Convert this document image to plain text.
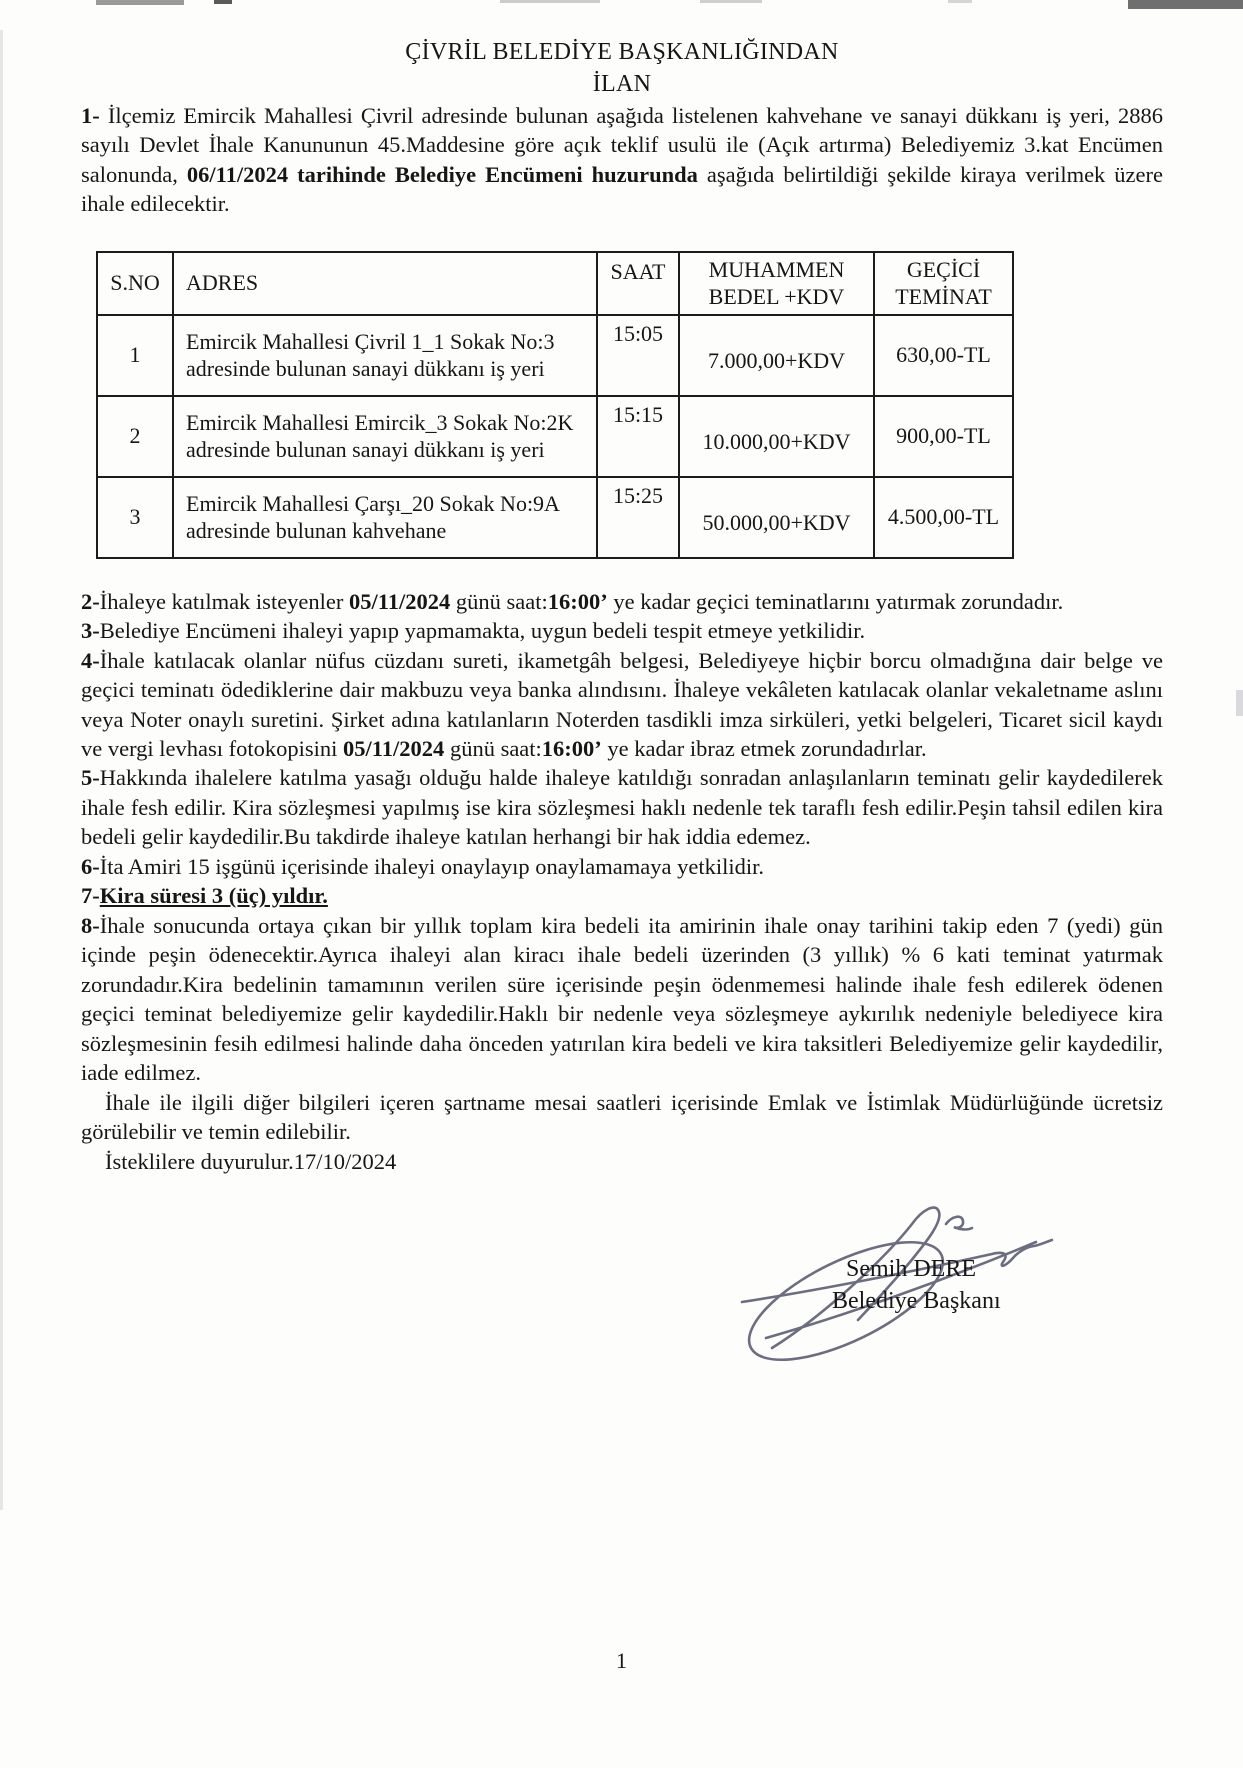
ÇİVRİL BELEDİYE BAŞKANLIĞINDAN
İLAN

1- İlçemiz Emircik Mahallesi Çivril adresinde bulunan aşağıda listelenen kahvehane ve sanayi dükkanı iş yeri, 2886 sayılı Devlet İhale Kanununun 45.Maddesine göre açık teklif usulü ile (Açık artırma) Belediyemiz 3.kat Encümen salonunda, 06/11/2024 tarihinde Belediye Encümeni huzurunda aşağıda belirtildiği şekilde kiraya verilmek üzere ihale edilecektir.

S.NO	ADRES	SAAT	MUHAMMEN BEDEL +KDV	GEÇİCİ TEMİNAT
1	Emircik Mahallesi Çivril 1_1 Sokak No:3 adresinde bulunan sanayi dükkanı iş yeri	15:05	7.000,00+KDV	630,00-TL
2	Emircik Mahallesi Emircik_3 Sokak No:2K adresinde bulunan sanayi dükkanı iş yeri	15:15	10.000,00+KDV	900,00-TL
3	Emircik Mahallesi Çarşı_20 Sokak No:9A adresinde bulunan kahvehane	15:25	50.000,00+KDV	4.500,00-TL

2-İhaleye katılmak isteyenler 05/11/2024 günü saat:16:00’ ye kadar geçici teminatlarını yatırmak zorundadır.

3-Belediye Encümeni ihaleyi yapıp yapmamakta, uygun bedeli tespit etmeye yetkilidir.

4-İhale katılacak olanlar nüfus cüzdanı sureti, ikametgâh belgesi, Belediyeye hiçbir borcu olmadığına dair belge ve geçici teminatı ödediklerine dair makbuzu veya banka alındısını. İhaleye vekâleten katılacak olanlar vekaletname aslını veya Noter onaylı suretini. Şirket adına katılanların Noterden tasdikli imza sirküleri, yetki belgeleri, Ticaret sicil kaydı ve vergi levhası fotokopisini 05/11/2024 günü saat:16:00’ ye kadar ibraz etmek zorundadırlar.

5-Hakkında ihalelere katılma yasağı olduğu halde ihaleye katıldığı sonradan anlaşılanların teminatı gelir kaydedilerek ihale fesh edilir. Kira sözleşmesi yapılmış ise kira sözleşmesi haklı nedenle tek taraflı fesh edilir.Peşin tahsil edilen kira bedeli gelir kaydedilir.Bu takdirde ihaleye katılan herhangi bir hak iddia edemez.

6-İta Amiri 15 işgünü içerisinde ihaleyi onaylayıp onaylamamaya yetkilidir.

7-Kira süresi 3 (üç) yıldır.

8-İhale sonucunda ortaya çıkan bir yıllık toplam kira bedeli ita amirinin ihale onay tarihini takip eden 7 (yedi) gün içinde peşin ödenecektir.Ayrıca ihaleyi alan kiracı ihale bedeli üzerinden (3 yıllık) % 6 kati teminat yatırmak zorundadır.Kira bedelinin tamamının verilen süre içerisinde peşin ödenmemesi halinde ihale fesh edilerek ödenen geçici teminat belediyemize gelir kaydedilir.Haklı bir nedenle veya sözleşmeye aykırılık nedeniyle belediyece kira sözleşmesinin fesih edilmesi halinde daha önceden yatırılan kira bedeli ve kira taksitleri Belediyemize gelir kaydedilir, iade edilmez.

İhale ile ilgili diğer bilgileri içeren şartname mesai saatleri içerisinde Emlak ve İstimlak Müdürlüğünde ücretsiz görülebilir ve temin edilebilir.

İsteklilere duyurulur.17/10/2024

Semih DERE
Belediye Başkanı
1
